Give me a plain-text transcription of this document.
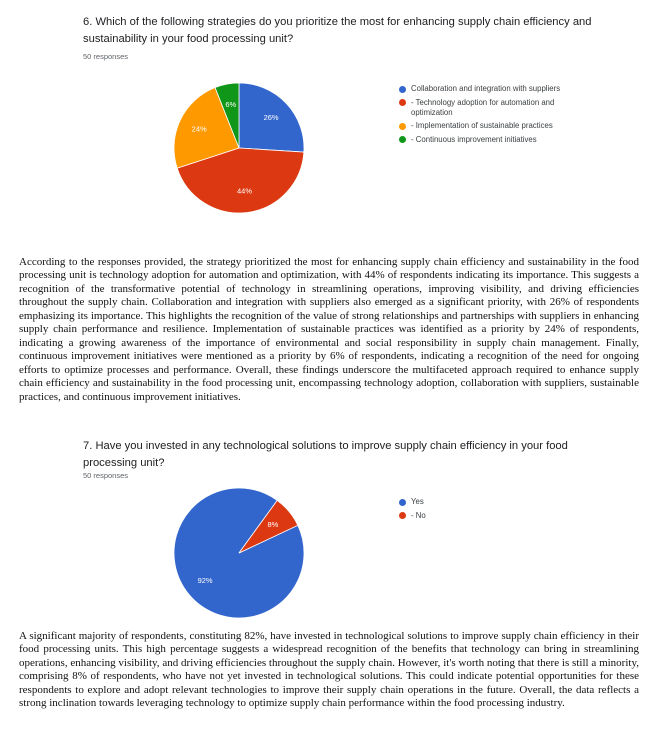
6. Which of the following strategies do you prioritize the most for enhancing supply chain efficiency and sustainability in your food processing unit?
50 responses
26%
44%
24%
6%
Collaboration and integration with suppliers
- Technology adoption for automation and optimization
- Implementation of sustainable practices
- Continuous improvement initiatives

According to the responses provided, the strategy prioritized the most for enhancing supply chain efficiency and sustainability in the food processing unit is technology adoption for automation and optimization, with 44% of respondents indicating its importance. This suggests a recognition of the transformative potential of technology in streamlining operations, improving visibility, and driving efficiencies throughout the supply chain. Collaboration and integration with suppliers also emerged as a significant priority, with 26% of respondents emphasizing its importance. This highlights the recognition of the value of strong relationships and partnerships with suppliers in enhancing supply chain performance and resilience. Implementation of sustainable practices was identified as a priority by 24% of respondents, indicating a growing awareness of the importance of environmental and social responsibility in supply chain management. Finally, continuous improvement initiatives were mentioned as a priority by 6% of respondents, indicating a recognition of the need for ongoing efforts to optimize processes and performance. Overall, these findings underscore the multifaceted approach required to enhance supply chain efficiency and sustainability in the food processing unit, encompassing technology adoption, collaboration with suppliers, sustainable practices, and continuous improvement initiatives.

7. Have you invested in any technological solutions to improve supply chain efficiency in your food processing unit?
50 responses
92%
8%
Yes
- No

A significant majority of respondents, constituting 82%, have invested in technological solutions to improve supply chain efficiency in their food processing units. This high percentage suggests a widespread recognition of the benefits that technology can bring in streamlining operations, enhancing visibility, and driving efficiencies throughout the supply chain. However, it's worth noting that there is still a minority, comprising 8% of respondents, who have not yet invested in technological solutions. This could indicate potential opportunities for these respondents to explore and adopt relevant technologies to improve their supply chain operations in the future. Overall, the data reflects a strong inclination towards leveraging technology to optimize supply chain performance within the food processing industry.
